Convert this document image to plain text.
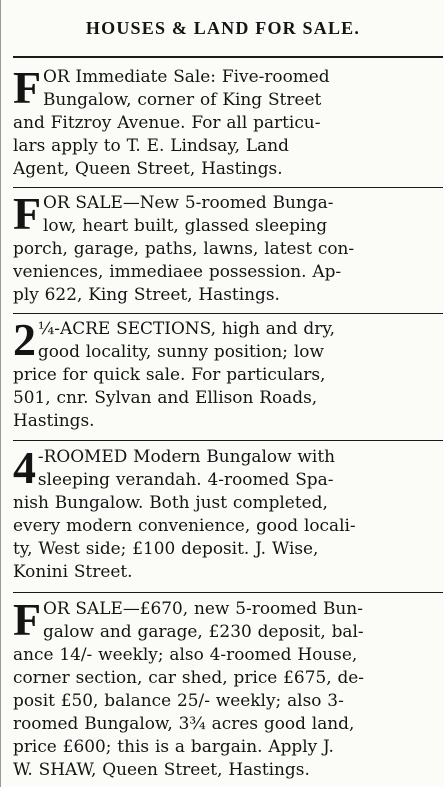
HOUSES & LAND FOR SALE.
F OR Immediate Sale: Five-roomed
Bungalow, corner of King Street
and Fitzroy Avenue. For all particu-
lars apply to T. E. Lindsay, Land
Agent, Queen Street, Hastings.
F OR SALE—New 5-roomed Bunga-
low, heart built, glassed sleeping
porch, garage, paths, lawns, latest con-
veniences, immediaee possession. Ap-
ply 622, King Street, Hastings.
2 ¼-ACRE SECTIONS, high and dry,
good locality, sunny position; low
price for quick sale. For particulars,
501, cnr. Sylvan and Ellison Roads,
Hastings.
4 -ROOMED Modern Bungalow with
sleeping verandah. 4-roomed Spa-
nish Bungalow. Both just completed,
every modern convenience, good locali-
ty, West side; £100 deposit. J. Wise,
Konini Street.
F OR SALE—£670, new 5-roomed Bun-
galow and garage, £230 deposit, bal-
ance 14/- weekly; also 4-roomed House,
corner section, car shed, price £675, de-
posit £50, balance 25/- weekly; also 3-
roomed Bungalow, 3¾ acres good land,
price £600; this is a bargain. Apply J.
W. SHAW, Queen Street, Hastings.
